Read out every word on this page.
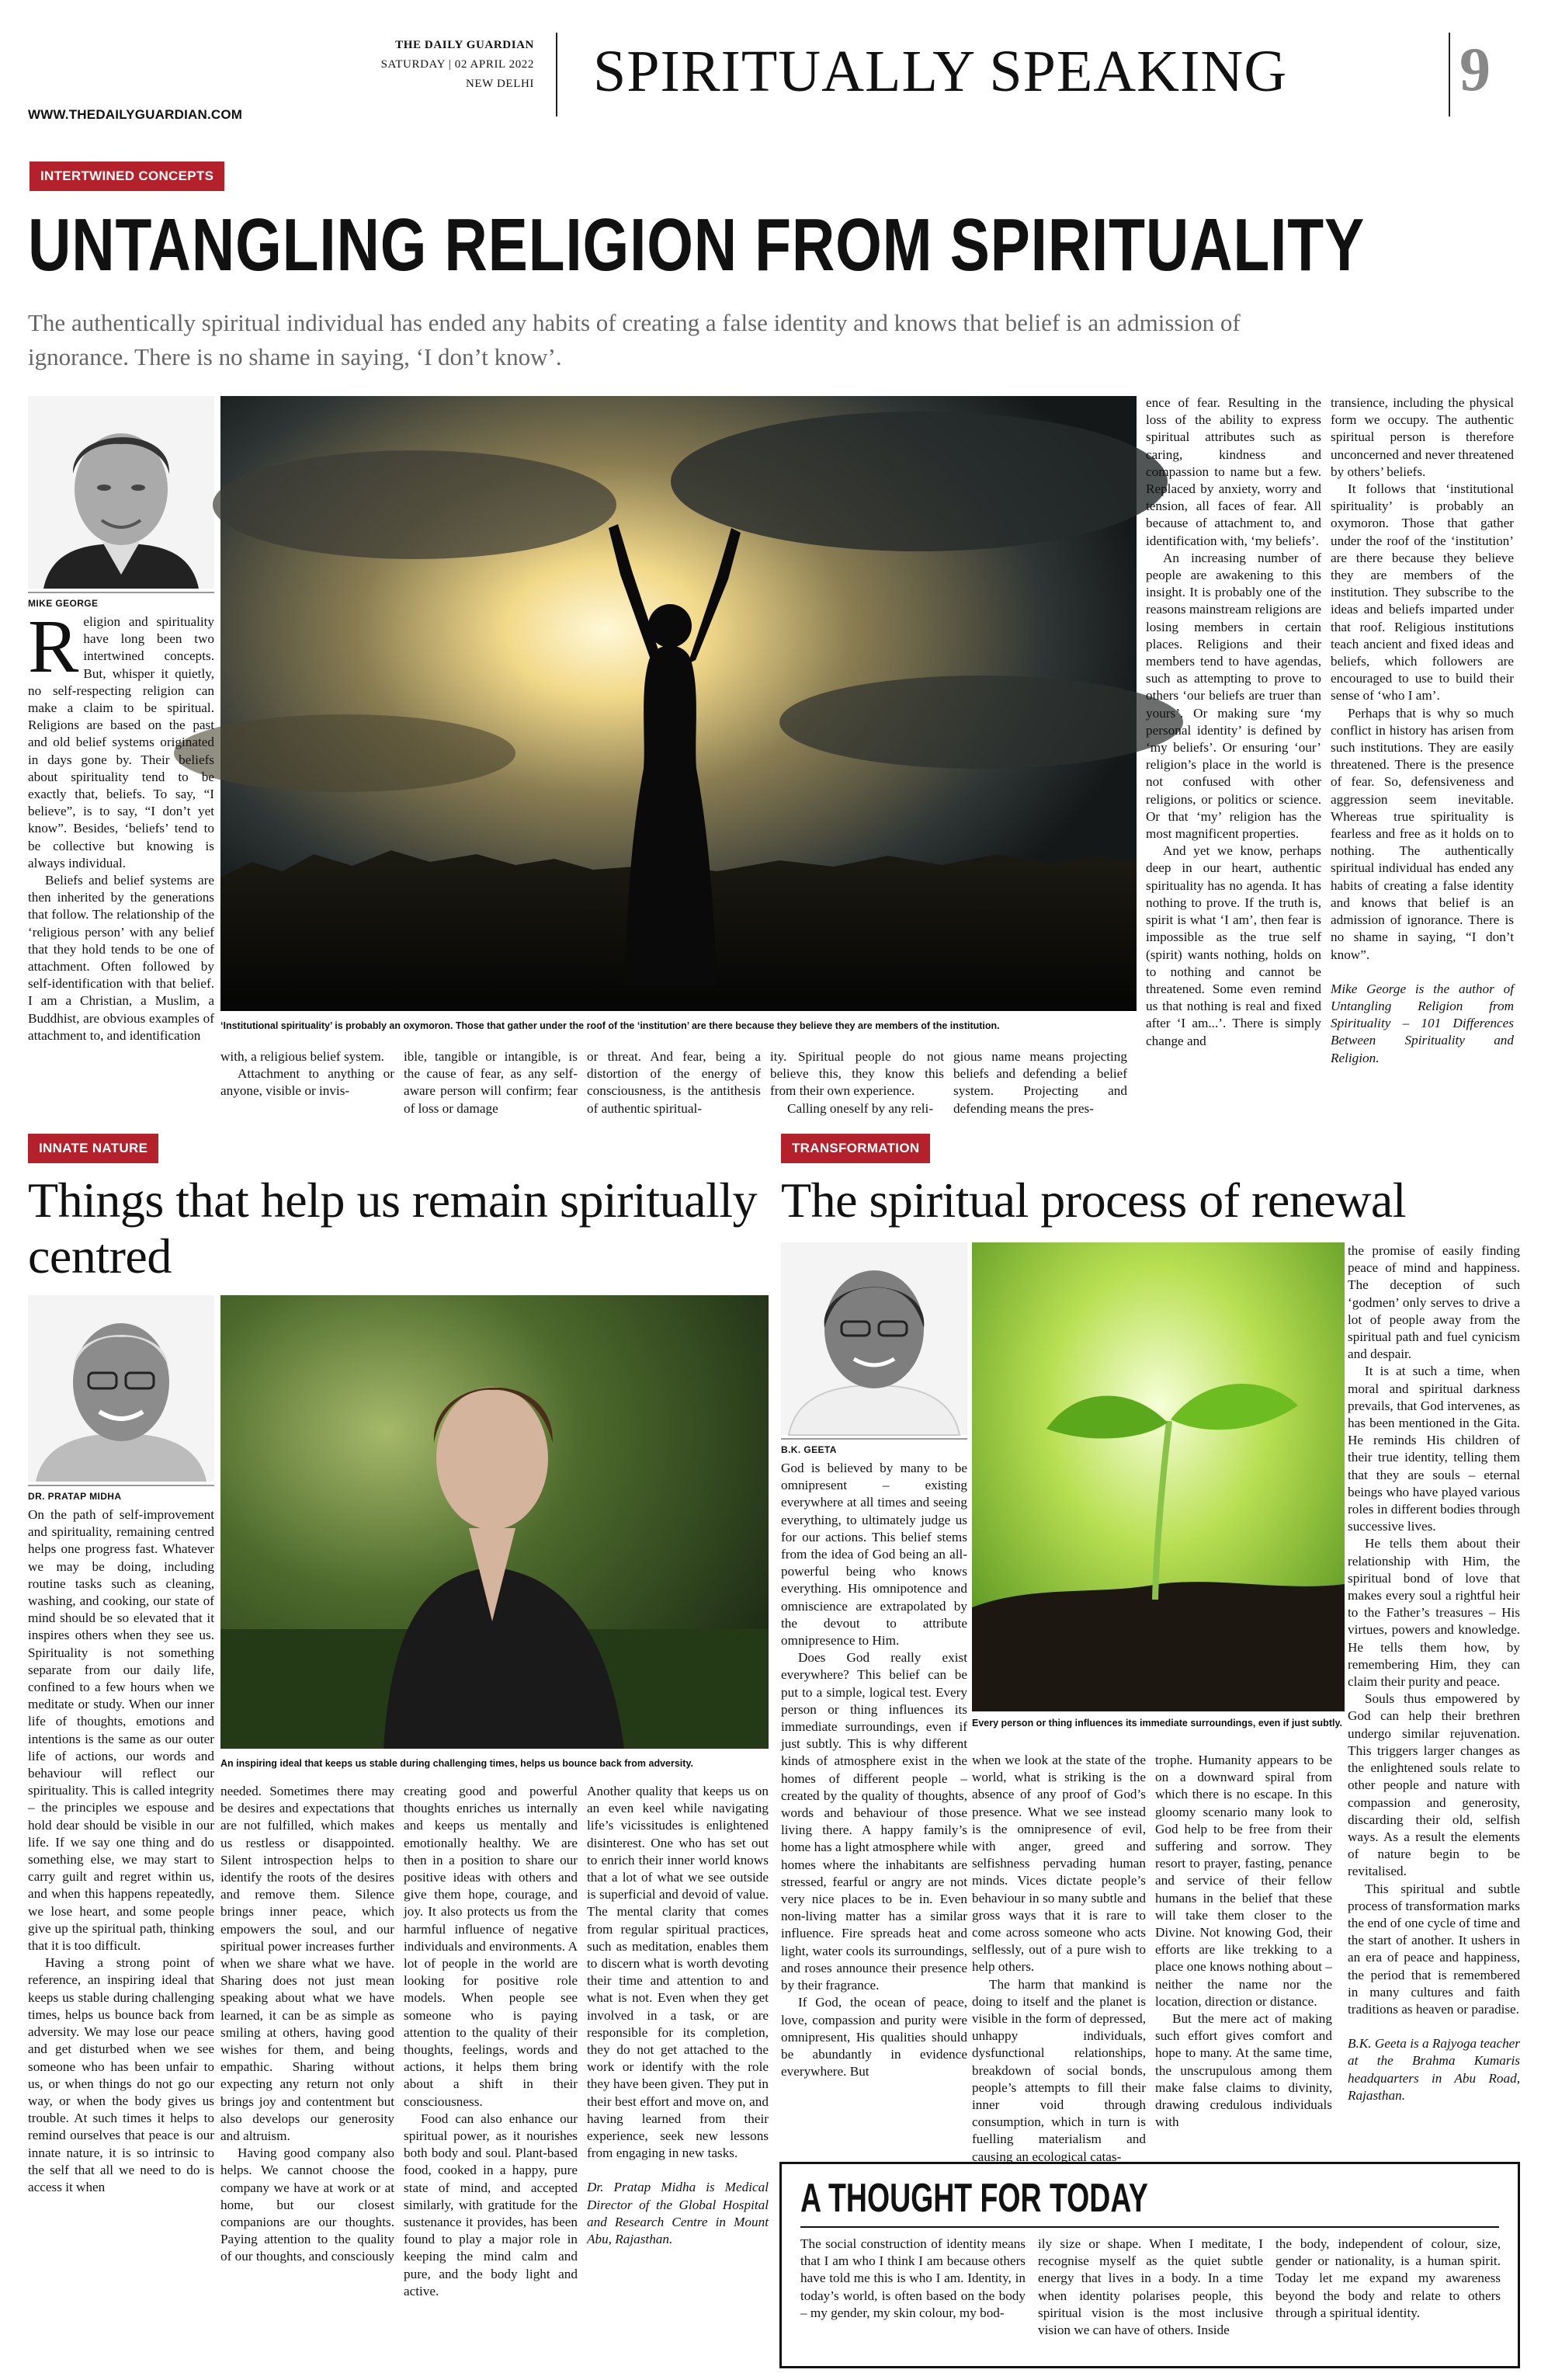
WWW.THEDAILYGUARDIAN.COM
THE DAILY GUARDIAN
SATURDAY | 02 APRIL 2022
NEW DELHI SPIRITUALLY SPEAKING	9
INTERTWINED CONCEPTS
UNTANGLING RELIGION FROM SPIRITUALITY
The authentically spiritual individual has ended any habits of creating a false identity and knows that belief is an admission of ignorance. There is no shame in saying, ‘I don’t know’.
MIKE GEORGE
‘Institutional spirituality’ is probably an oxymoron. Those that gather under the roof of the ‘institution’ are there because they believe they are members of the institution.
R eligion and spirituality have long been two intertwined concepts. But, whisper it quietly, no self-respecting religion can make a claim to be spiritual. Religions are based on the past and old belief systems originated in days gone by. Their beliefs about spirituality tend to be exactly that, beliefs. To say, “I believe”, is to say, “I don’t yet know”. Besides, ‘beliefs’ tend to be collective but knowing is always individual.

Beliefs and belief systems are then inherited by the generations that follow. The relationship of the ‘religious person’ with any belief that they hold tends to be one of attachment. Often followed by self-identification with that belief. I am a Christian, a Muslim, a Buddhist, are obvious examples of attachment to, and identification

with, a religious belief system.

Attachment to anything or anyone, visible or invis-

ible, tangible or intangible, is the cause of fear, as any self-aware person will confirm; fear of loss or damage

or threat. And fear, being a distortion of the energy of consciousness, is the antithesis of authentic spiritual-

ity. Spiritual people do not believe this, they know this from their own experience.

Calling oneself by any reli-

gious name means projecting beliefs and defending a belief system. Projecting and defending means the pres-

ence of fear. Resulting in the loss of the ability to express spiritual attributes such as caring, kindness and compassion to name but a few. Replaced by anxiety, worry and tension, all faces of fear. All because of attachment to, and identification with, ‘my beliefs’.

An increasing number of people are awakening to this insight. It is probably one of the reasons mainstream religions are losing members in certain places. Religions and their members tend to have agendas, such as attempting to prove to others ‘our beliefs are truer than yours’. Or making sure ‘my personal identity’ is defined by ‘my beliefs’. Or ensuring ‘our’ religion’s place in the world is not confused with other religions, or politics or science. Or that ‘my’ religion has the most magnificent properties.

And yet we know, perhaps deep in our heart, authentic spirituality has no agenda. It has nothing to prove. If the truth is, spirit is what ‘I am’, then fear is impossible as the true self (spirit) wants nothing, holds on to nothing and cannot be threatened. Some even remind us that nothing is real and fixed after ‘I am...’. There is simply change and

transience, including the physical form we occupy. The authentic spiritual person is therefore unconcerned and never threatened by others’ beliefs.

It follows that ‘institutional spirituality’ is probably an oxymoron. Those that gather under the roof of the ‘institution’ are there because they believe they are members of the institution. They subscribe to the ideas and beliefs imparted under that roof. Religious institutions teach ancient and fixed ideas and beliefs, which followers are encouraged to use to build their sense of ‘who I am’.

Perhaps that is why so much conflict in history has arisen from such institutions. They are easily threatened. There is the presence of fear. So, defensiveness and aggression seem inevitable. Whereas true spirituality is fearless and free as it holds on to nothing. The authentically spiritual individual has ended any habits of creating a false identity and knows that belief is an admission of ignorance. There is no shame in saying, “I don’t know”.

Mike George is the author of Untangling Religion from Spirituality – 101 Differences Between Spirituality and Religion.

INNATE NATURE
Things that help us remain spiritually centred
DR. PRATAP MIDHA
An inspiring ideal that keeps us stable during challenging times, helps us bounce back from adversity.

On the path of self-improvement and spirituality, remaining centred helps one progress fast. Whatever we may be doing, including routine tasks such as cleaning, washing, and cooking, our state of mind should be so elevated that it inspires others when they see us. Spirituality is not something separate from our daily life, confined to a few hours when we meditate or study. When our inner life of thoughts, emotions and intentions is the same as our outer life of actions, our words and behaviour will reflect our spirituality. This is called integrity – the principles we espouse and hold dear should be visible in our life. If we say one thing and do something else, we may start to carry guilt and regret within us, and when this happens repeatedly, we lose heart, and some people give up the spiritual path, thinking that it is too difficult.

Having a strong point of reference, an inspiring ideal that keeps us stable during challenging times, helps us bounce back from adversity. We may lose our peace and get disturbed when we see someone who has been unfair to us, or when things do not go our way, or when the body gives us trouble. At such times it helps to remind ourselves that peace is our innate nature, it is so intrinsic to the self that all we need to do is access it when

needed. Sometimes there may be desires and expectations that are not fulfilled, which makes us restless or disappointed. Silent introspection helps to identify the roots of the desires and remove them. Silence brings inner peace, which empowers the soul, and our spiritual power increases further when we share what we have. Sharing does not just mean speaking about what we have learned, it can be as simple as smiling at others, having good wishes for them, and being empathic. Sharing without expecting any return not only brings joy and contentment but also develops our generosity and altruism.

Having good company also helps. We cannot choose the company we have at work or at home, but our closest companions are our thoughts. Paying attention to the quality of our thoughts, and consciously

creating good and powerful thoughts enriches us internally and keeps us mentally and emotionally healthy. We are then in a position to share our positive ideas with others and give them hope, courage, and joy. It also protects us from the harmful influence of negative individuals and environments. A lot of people in the world are looking for positive role models. When people see someone who is paying attention to the quality of their thoughts, feelings, words and actions, it helps them bring about a shift in their consciousness.

Food can also enhance our spiritual power, as it nourishes both body and soul. Plant-based food, cooked in a happy, pure state of mind, and accepted similarly, with gratitude for the sustenance it provides, has been found to play a major role in keeping the mind calm and pure, and the body light and active.

Another quality that keeps us on an even keel while navigating life’s vicissitudes is enlightened disinterest. One who has set out to enrich their inner world knows that a lot of what we see outside is superficial and devoid of value. The mental clarity that comes from regular spiritual practices, such as meditation, enables them to discern what is worth devoting their time and attention to and what is not. Even when they get involved in a task, or are responsible for its completion, they do not get attached to the work or identify with the role they have been given. They put in their best effort and move on, and having learned from their experience, seek new lessons from engaging in new tasks.

Dr. Pratap Midha is Medical Director of the Global Hospital and Research Centre in Mount Abu, Rajasthan.

TRANSFORMATION
The spiritual process of renewal
B.K. GEETA
Every person or thing influences its immediate surroundings, even if just subtly.

God is believed by many to be omnipresent – existing everywhere at all times and seeing everything, to ultimately judge us for our actions. This belief stems from the idea of God being an all-powerful being who knows everything. His omnipotence and omniscience are extrapolated by the devout to attribute omnipresence to Him.

Does God really exist everywhere? This belief can be put to a simple, logical test. Every person or thing influences its immediate surroundings, even if just subtly. This is why different kinds of atmosphere exist in the homes of different people – created by the quality of thoughts, words and behaviour of those living there. A happy family’s home has a light atmosphere while homes where the inhabitants are stressed, fearful or angry are not very nice places to be in. Even non-living matter has a similar influence. Fire spreads heat and light, water cools its surroundings, and roses announce their presence by their fragrance.

If God, the ocean of peace, love, compassion and purity were omnipresent, His qualities should be abundantly in evidence everywhere. But

when we look at the state of the world, what is striking is the absence of any proof of God’s presence. What we see instead is the omnipresence of evil, with anger, greed and selfishness pervading human minds. Vices dictate people’s behaviour in so many subtle and gross ways that it is rare to come across someone who acts selflessly, out of a pure wish to help others.

The harm that mankind is doing to itself and the planet is visible in the form of depressed, unhappy individuals, dysfunctional relationships, breakdown of social bonds, people’s attempts to fill their inner void through consumption, which in turn is fuelling materialism and causing an ecological catas-

trophe. Humanity appears to be on a downward spiral from which there is no escape. In this gloomy scenario many look to God help to be free from their suffering and sorrow. They resort to prayer, fasting, penance and service of their fellow humans in the belief that these will take them closer to the Divine. Not knowing God, their efforts are like trekking to a place one knows nothing about – neither the name nor the location, direction or distance.

But the mere act of making such effort gives comfort and hope to many. At the same time, the unscrupulous among them make false claims to divinity, drawing credulous individuals with

the promise of easily finding peace of mind and happiness. The deception of such ‘godmen’ only serves to drive a lot of people away from the spiritual path and fuel cynicism and despair.

It is at such a time, when moral and spiritual darkness prevails, that God intervenes, as has been mentioned in the Gita. He reminds His children of their true identity, telling them that they are souls – eternal beings who have played various roles in different bodies through successive lives.

He tells them about their relationship with Him, the spiritual bond of love that makes every soul a rightful heir to the Father’s treasures – His virtues, powers and knowledge. He tells them how, by remembering Him, they can claim their purity and peace.

Souls thus empowered by God can help their brethren undergo similar rejuvenation. This triggers larger changes as the enlightened souls relate to other people and nature with compassion and generosity, discarding their old, selfish ways. As a result the elements of nature begin to be revitalised.

This spiritual and subtle process of transformation marks the end of one cycle of time and the start of another. It ushers in an era of peace and happiness, the period that is remembered in many cultures and faith traditions as heaven or paradise.

B.K. Geeta is a Rajyoga teacher at the Brahma Kumaris headquarters in Abu Road, Rajasthan.

A THOUGHT FOR TODAY
The social construction of identity means that I am who I think I am because others have told me this is who I am. Identity, in today’s world, is often based on the body – my gender, my skin colour, my bod-
ily size or shape. When I meditate, I recognise myself as the quiet subtle energy that lives in a body. In a time when identity polarises people, this spiritual vision is the most inclusive vision we can have of others. Inside
the body, independent of colour, size, gender or nationality, is a human spirit. Today let me expand my awareness beyond the body and relate to others through a spiritual identity.
